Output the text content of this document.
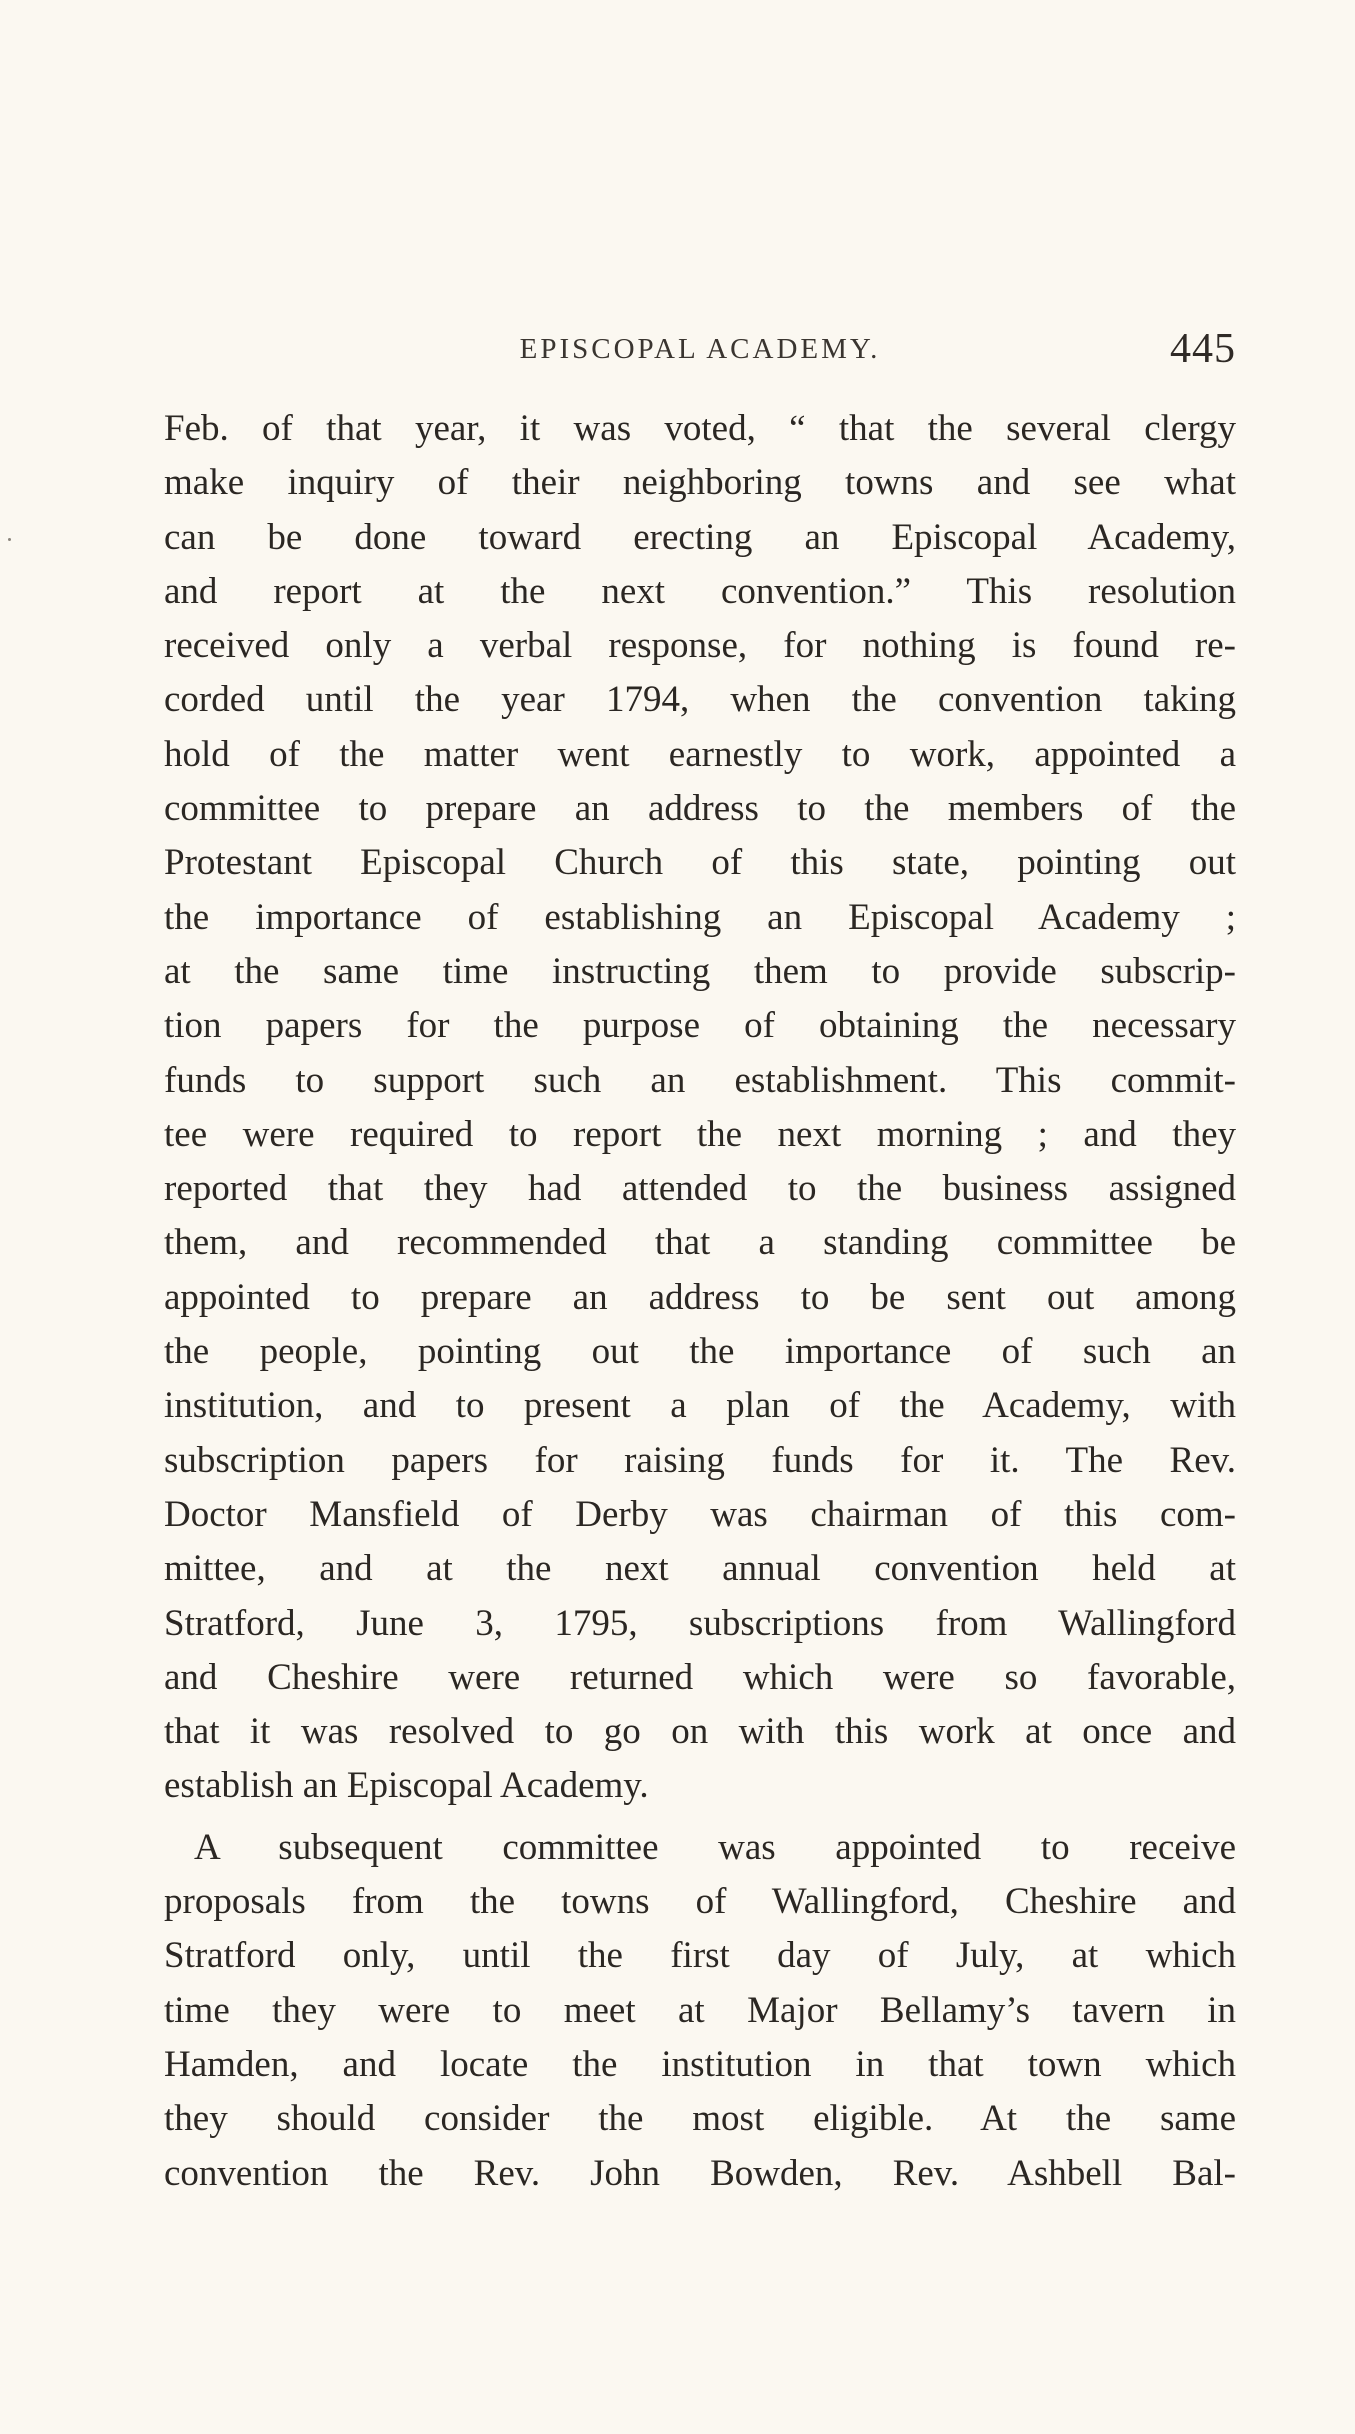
EPISCOPAL ACADEMY.	445
Feb. of that year, it was voted, “ that the several clergy
make inquiry of their neighboring towns and see what
can be done toward erecting an Episcopal Academy,
and report at the next convention.” This resolution
received only a verbal response, for nothing is found re-
corded until the year 1794, when the convention taking
hold of the matter went earnestly to work, appointed a
committee to prepare an address to the members of the
Protestant Episcopal Church of this state, pointing out
the importance of establishing an Episcopal Academy ;
at the same time instructing them to provide subscrip-
tion papers for the purpose of obtaining the necessary
funds to support such an establishment. This commit-
tee were required to report the next morning ; and they
reported that they had attended to the business assigned
them, and recommended that a standing committee be
appointed to prepare an address to be sent out among
the people, pointing out the importance of such an
institution, and to present a plan of the Academy, with
subscription papers for raising funds for it. The Rev.
Doctor Mansfield of Derby was chairman of this com-
mittee, and at the next annual convention held at
Stratford, June 3, 1795, subscriptions from Wallingford
and Cheshire were returned which were so favorable,
that it was resolved to go on with this work at once and
establish an Episcopal Academy.
A subsequent committee was appointed to receive
proposals from the towns of Wallingford, Cheshire and
Stratford only, until the first day of July, at which
time they were to meet at Major Bellamy’s tavern in
Hamden, and locate the institution in that town which
they should consider the most eligible. At the same
convention the Rev. John Bowden, Rev. Ashbell Bal-
